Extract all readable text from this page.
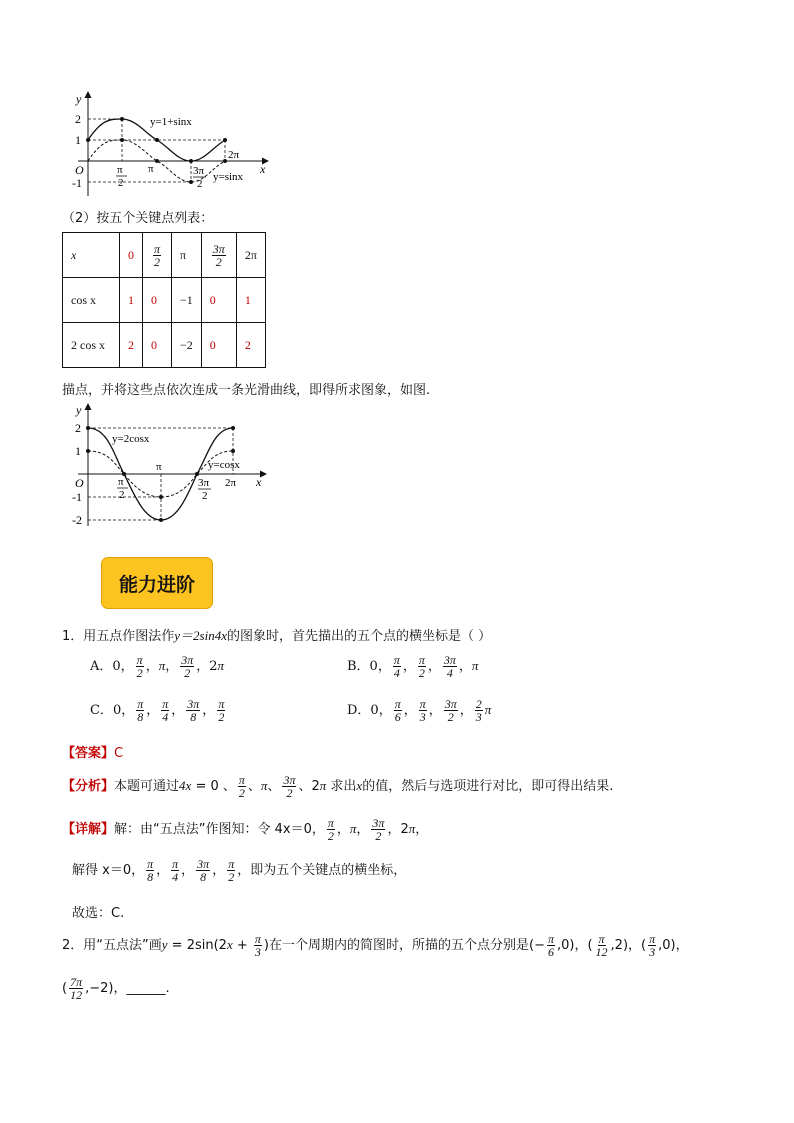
y
2
1
O
-1
π
2
π	3π
2
2π
x
y=1+sinx
y=sinx
（2）按五个关键点列表：
x	0	$\frac{\pi}{2}$	π	$\frac{3\pi}{2}$	2π
cos x	1	0	−1	0	1
2 cos x	2	0	−2	0	2
描点，并将这些点依次连成一条光滑曲线，即得所求图象，如图.
y
2
1
O
-1
-2
π
2
π
3π
2
2π x
y=2cosx
y=cosx
能力进阶
1．用五点作图法作y＝2sin4x的图象时，首先描出的五个点的横坐标是（ ）
A．0， $\frac{\pi}{2}$ ，π， $\frac{3\pi}{2}$ ，2π	B．0， $\frac{\pi}{4}$ ， $\frac{\pi}{2}$ ， $\frac{3\pi}{4}$ ，π
C．0， $\frac{\pi}{8}$ ， $\frac{\pi}{4}$ ， $\frac{3\pi}{8}$ ， $\frac{\pi}{2}$	D．0， $\frac{\pi}{6}$ ， $\frac{\pi}{3}$ ， $\frac{3\pi}{2}$ ， $\frac{2}{3}$ π
【答案】C
【分析】本题可通过4x = 0 、 $\frac{\pi}{2}$ 、π、 $\frac{3\pi}{2}$ 、2π 求出x的值，然后与选项进行对比，即可得出结果.
【详解】解：由“五点法”作图知：令 4x＝0， $\frac{\pi}{2}$ ，π， $\frac{3\pi}{2}$ ，2π，
解得 x＝0， $\frac{\pi}{8}$ ， $\frac{\pi}{4}$ ， $\frac{3\pi}{8}$ ， $\frac{\pi}{2}$ ，即为五个关键点的横坐标，
故选：C.
2．用“五点法”画$y = 2\sin(2x + \frac{\pi}{3}$ )在一个周期内的简图时，所描的五个点分别是(− $\frac{\pi}{6} ,0$)，( $\frac{\pi}{12} ,2$)，( $\frac{\pi}{3} ,0$)，
( $\frac{7\pi}{12} ,-2$)，______.
